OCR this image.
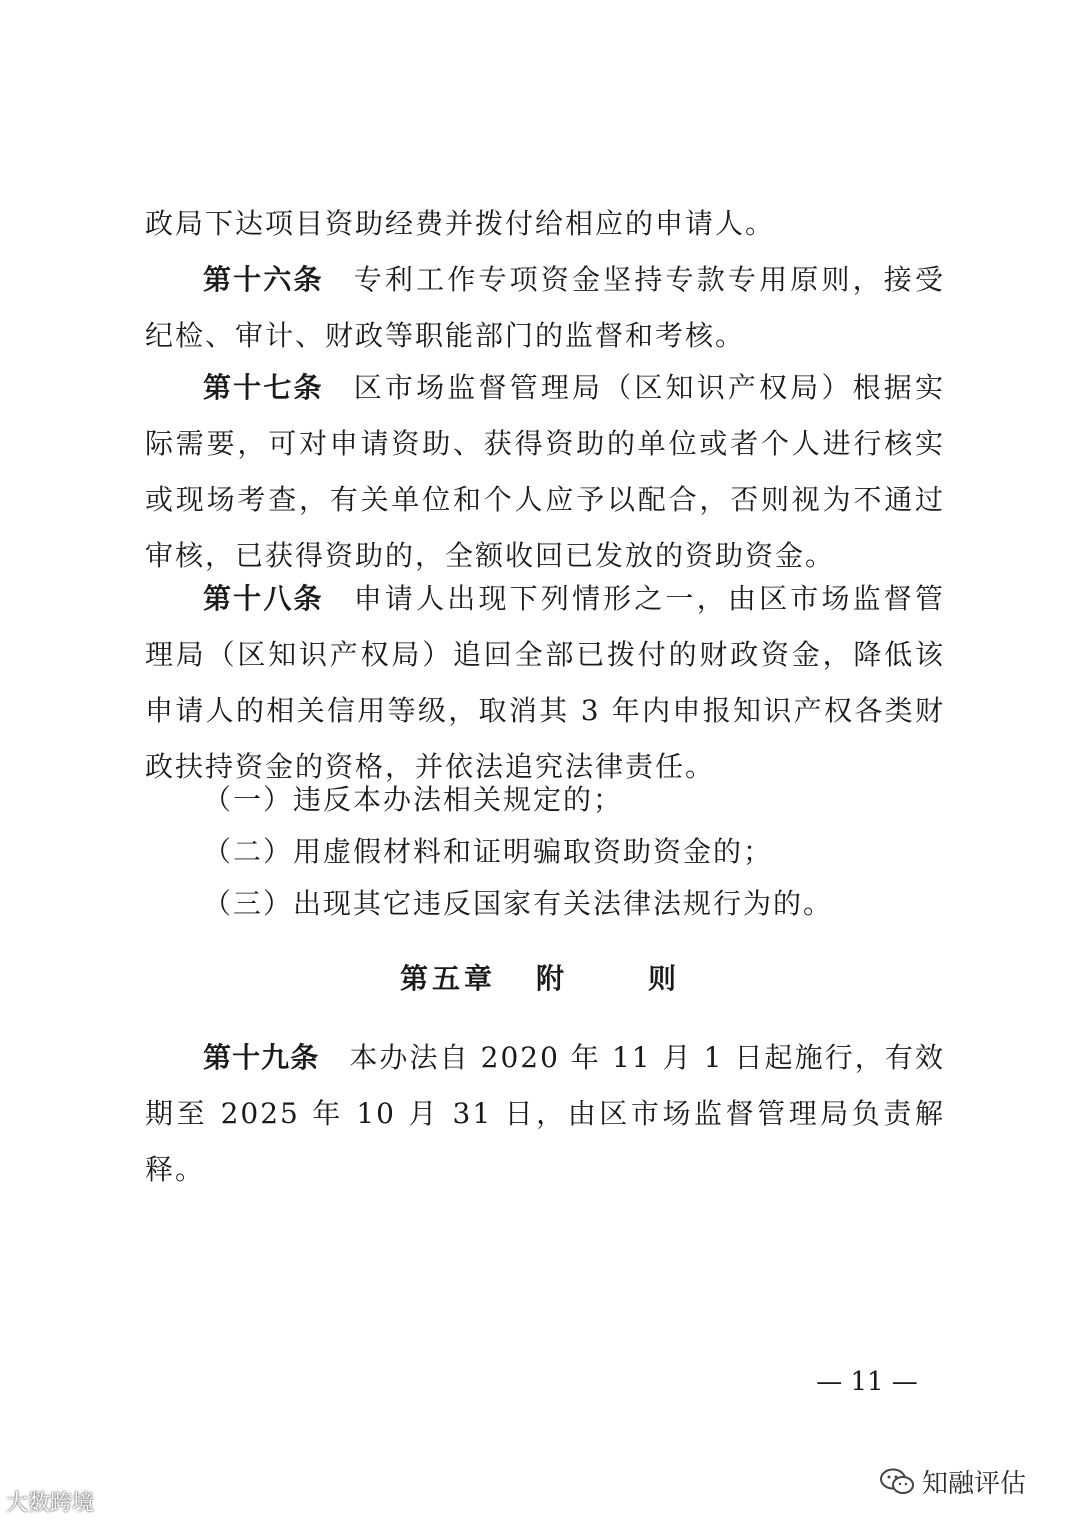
政局下达项目资助经费并拨付给相应的申请人。

第十六条 专利工作专项资金坚持专款专用原则，接受纪检、审计、财政等职能部门的监督和考核。

第十七条 区市场监督管理局（区知识产权局）根据实际需要，可对申请资助、获得资助的单位或者个人进行核实或现场考查，有关单位和个人应予以配合，否则视为不通过审核，已获得资助的，全额收回已发放的资助资金。

第十八条 申请人出现下列情形之一，由区市场监督管理局（区知识产权局）追回全部已拨付的财政资金，降低该申请人的相关信用等级，取消其 3 年内申报知识产权各类财政扶持资金的资格，并依法追究法律责任。

（一）违反本办法相关规定的；

（二）用虚假材料和证明骗取资助资金的；

（三）出现其它违反国家有关法律法规行为的。

第五章 附	则

第十九条 本办法自 2020 年 11 月 1 日起施行，有效期至 2025 年 10 月 31 日，由区市场监督管理局负责解释。

— 11 —
大数跨境
知融评估
